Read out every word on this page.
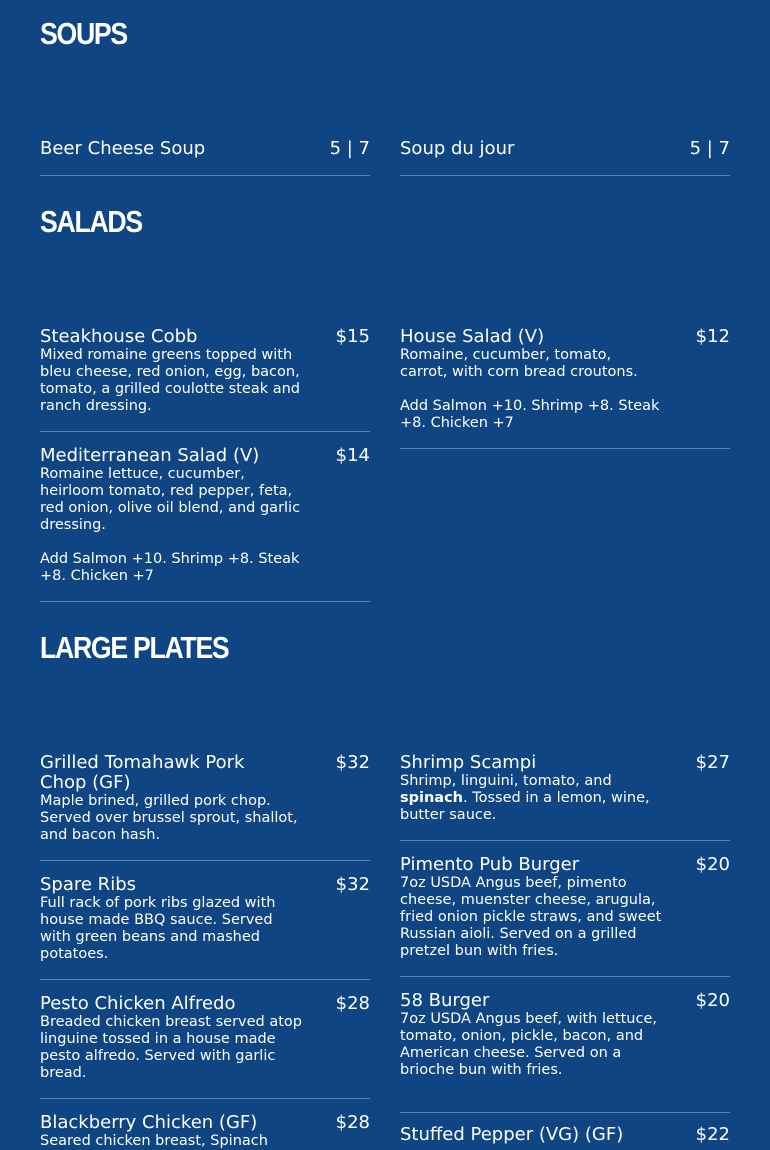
SOUPS
Beer Cheese Soup	5 | 7 Soup du jour	5 | 7
SALADS
Steakhouse Cobb	$15

Mixed romaine greens topped with bleu cheese, red onion, egg, bacon, tomato, a grilled coulotte steak and ranch dressing.

House Salad (V)	$12

Romaine, cucumber, tomato, carrot, with corn bread croutons.

Add Salmon +10. Shrimp +8. Steak +8. Chicken +7

Mediterranean Salad (V)	$14

Romaine lettuce, cucumber, heirloom tomato, red pepper, feta, red onion, olive oil blend, and garlic dressing.

Add Salmon +10. Shrimp +8. Steak +8. Chicken +7

LARGE PLATES
Grilled Tomahawk Pork Chop (GF)
$32

Maple brined, grilled pork chop. Served over brussel sprout, shallot, and bacon hash.

Shrimp Scampi	$27

Shrimp, linguini, tomato, and spinach. Tossed in a lemon, wine, butter sauce.

Pimento Pub Burger	$20

7oz USDA Angus beef, pimento cheese, muenster cheese, arugula, fried onion pickle straws, and sweet Russian aioli. Served on a grilled pretzel bun with fries.

Spare Ribs	$32

Full rack of pork ribs glazed with house made BBQ sauce. Served with green beans and mashed potatoes.

58 Burger	$20

7oz USDA Angus beef, with lettuce, tomato, onion, pickle, bacon, and American cheese. Served on a brioche bun with fries.

Pesto Chicken Alfredo	$28

Breaded chicken breast served atop linguine tossed in a house made pesto alfredo. Served with garlic bread.

Blackberry Chicken (GF)	$28

Seared chicken breast, Spinach	Stuffed Pepper (VG) (GF)	$22
